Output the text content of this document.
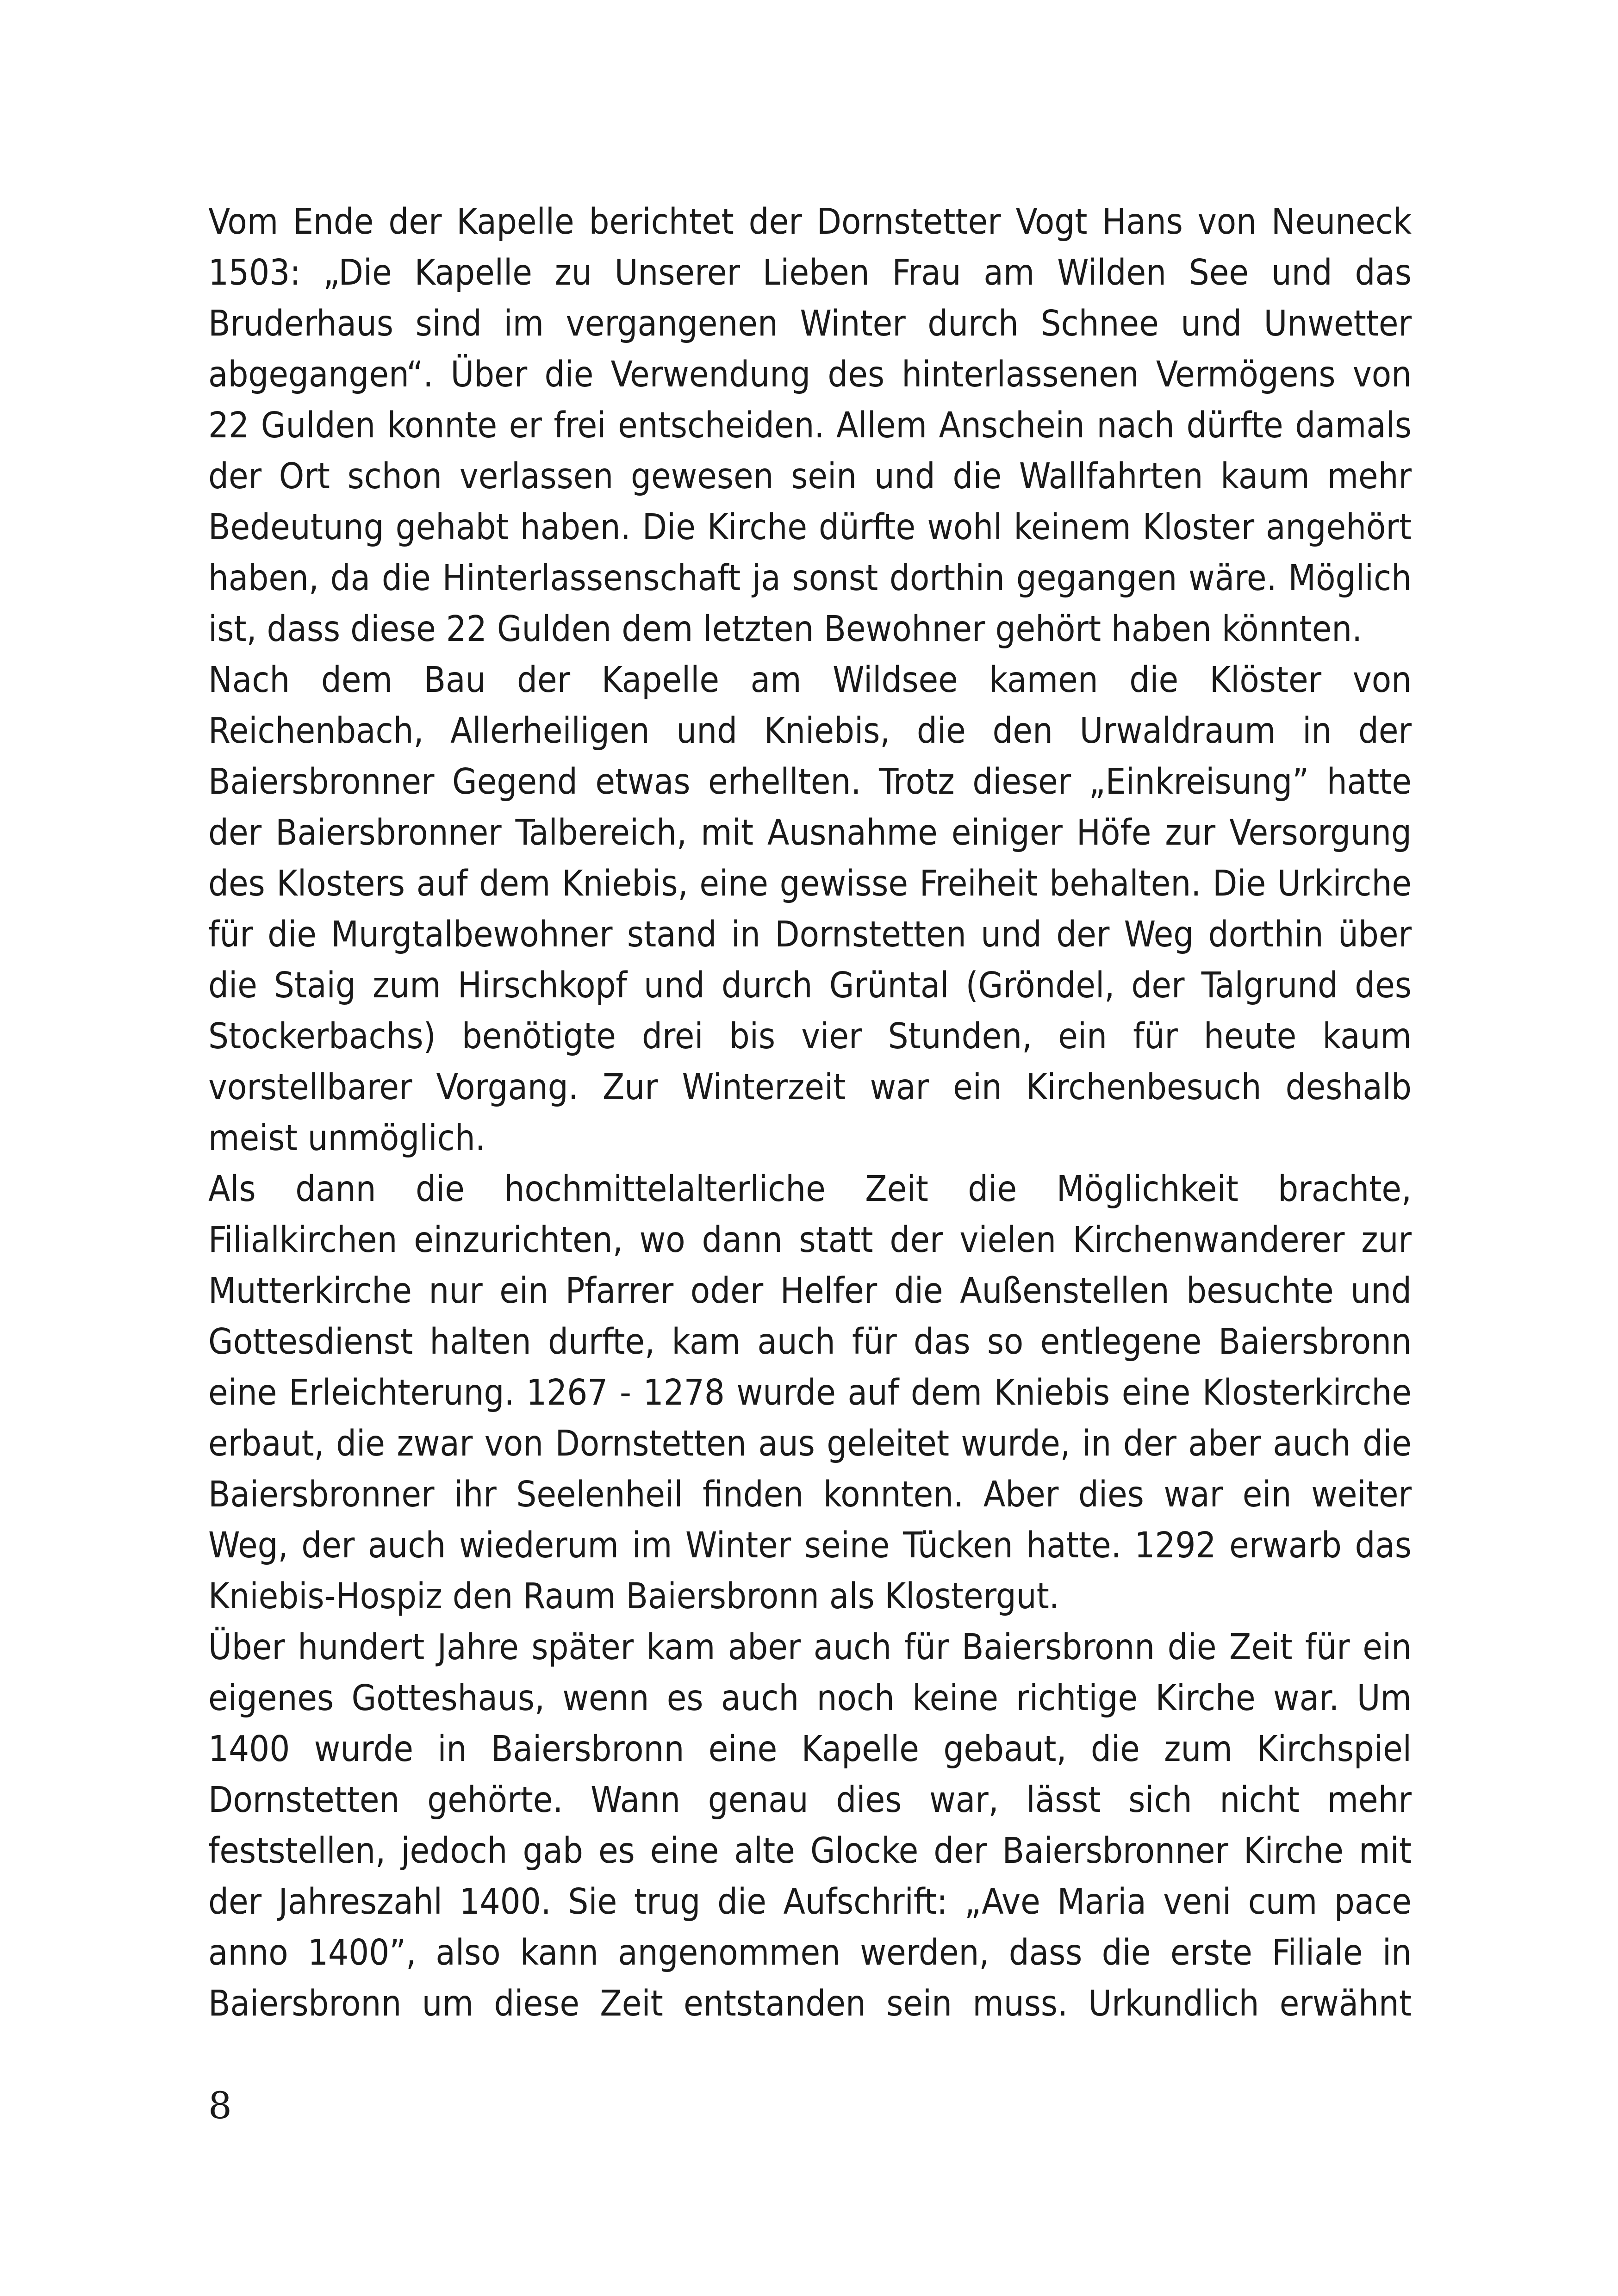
Vom Ende der Kapelle berichtet der Dornstetter Vogt Hans von Neuneck
1503: „Die Kapelle zu Unserer Lieben Frau am Wilden See und das
Bruderhaus sind im vergangenen Winter durch Schnee und Unwetter
abgegangen“. Über die Verwendung des hinterlassenen Vermögens von
22 Gulden konnte er frei entscheiden. Allem Anschein nach dürfte damals
der Ort schon verlassen gewesen sein und die Wallfahrten kaum mehr
Bedeutung gehabt haben. Die Kirche dürfte wohl keinem Kloster angehört
haben, da die Hinterlassenschaft ja sonst dorthin gegangen wäre. Möglich
ist, dass diese 22 Gulden dem letzten Bewohner gehört haben könnten.
Nach dem Bau der Kapelle am Wildsee kamen die Klöster von
Reichenbach, Allerheiligen und Kniebis, die den Urwaldraum in der
Baiersbronner Gegend etwas erhellten. Trotz dieser „Einkreisung” hatte
der Baiersbronner Talbereich, mit Ausnahme einiger Höfe zur Versorgung
des Klosters auf dem Kniebis, eine gewisse Freiheit behalten. Die Urkirche
für die Murgtalbewohner stand in Dornstetten und der Weg dorthin über
die Staig zum Hirschkopf und durch Grüntal (Gröndel, der Talgrund des
Stockerbachs) benötigte drei bis vier Stunden, ein für heute kaum
vorstellbarer Vorgang. Zur Winterzeit war ein Kirchenbesuch deshalb
meist unmöglich.
Als dann die hochmittelalterliche Zeit die Möglichkeit brachte,
Filialkirchen einzurichten, wo dann statt der vielen Kirchenwanderer zur
Mutterkirche nur ein Pfarrer oder Helfer die Außenstellen besuchte und
Gottesdienst halten durfte, kam auch für das so entlegene Baiersbronn
eine Erleichterung. 1267 - 1278 wurde auf dem Kniebis eine Klosterkirche
erbaut, die zwar von Dornstetten aus geleitet wurde, in der aber auch die
Baiersbronner ihr Seelenheil finden konnten. Aber dies war ein weiter
Weg, der auch wiederum im Winter seine Tücken hatte. 1292 erwarb das
Kniebis-Hospiz den Raum Baiersbronn als Klostergut.
Über hundert Jahre später kam aber auch für Baiersbronn die Zeit für ein
eigenes Gotteshaus, wenn es auch noch keine richtige Kirche war. Um
1400 wurde in Baiersbronn eine Kapelle gebaut, die zum Kirchspiel
Dornstetten gehörte. Wann genau dies war, lässt sich nicht mehr
feststellen, jedoch gab es eine alte Glocke der Baiersbronner Kirche mit
der Jahreszahl 1400. Sie trug die Aufschrift: „Ave Maria veni cum pace
anno 1400”, also kann angenommen werden, dass die erste Filiale in
Baiersbronn um diese Zeit entstanden sein muss. Urkundlich erwähnt
8
